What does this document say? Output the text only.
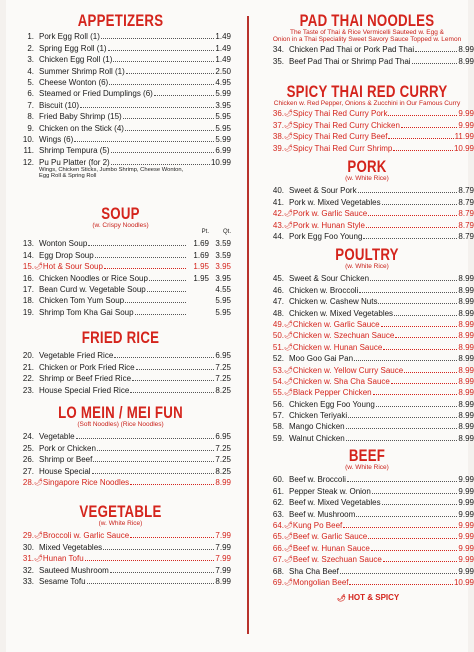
APPETIZERS
1. Pork Egg Roll (1)	1.49
2. Spring Egg Roll (1)	1.49
3. Chicken Egg Roll (1)	1.49
4. Summer Shrimp Roll (1)	2.50
5. Cheese Wonton (6)	4.95
6. Steamed or Fried Dumplings (6)	5.99
7. Biscuit (10)	3.95
8. Fried Baby Shrimp (15)	5.95
9. Chicken on the Stick (4)	5.95
10. Wings (6)	5.99
11. Shrimp Tempura (5)	6.99
12. Pu Pu Platter (for 2)	10.99
Wings, Chicken Sticks, Jumbo Shrimp, Cheese Wonton,
Egg Roll & Spring Roll
SOUP
(w. Crispy Noodles)
Pt.	Qt.
13. Wonton Soup	1.69 3.59
14. Egg Drop Soup	1.69 3.59
15. 🌶 Hot & Sour Soup	1.95 3.95
16. Chicken Noodles or Rice Soup	1.95 3.95
17. Bean Curd w. Vegetable Soup	4.55
18. Chicken Tom Yum Soup	5.95
19. Shrimp Tom Kha Gai Soup	5.95
FRIED RICE
20. Vegetable Fried Rice	6.95
21. Chicken or Pork Fried Rice	7.25
22. Shrimp or Beef Fried Rice	7.25
23. House Special Fried Rice	8.25
LO MEIN / MEI FUN
(Soft Noodles) (Rice Noodles)
24. Vegetable	6.95
25. Pork or Chicken	7.25
26. Shrimp or Beef	7.25
27. House Special	8.25
28. 🌶 Singapore Rice Noodles	8.99
VEGETABLE
(w. White Rice)
29. 🌶 Broccoli w. Garlic Sauce	7.99
30. Mixed Vegetables	7.99
31. 🌶 Hunan Tofu	7.99
32. Sauteed Mushroom	7.99
33. Sesame Tofu	8.99
PAD THAI NOODLES
The Taste of Thai & Rice Vermicelli Sauteed w. Egg &
Onion in a Thai Speciality Sweet Savory Sauce Topped w. Lemon
34. Chicken Pad Thai or Pork Pad Thai	8.99
35. Beef Pad Thai or Shrimp Pad Thai	8.99
SPICY THAI RED CURRY
Chicken w. Red Pepper, Onions & Zucchini in Our Famous Curry
36. 🌶 Spicy Thai Red Curry Pork	9.99
37. 🌶 Spicy Thai Red Curry Chicken	9.99
38. 🌶 Spicy Thai Red Curry Beef	11.99
39. 🌶 Spicy Thai Red Curr Shrimp	10.99
PORK
(w. White Rice)
40. Sweet & Sour Pork	8.79
41. Pork w. Mixed Vegetables	8.79
42. 🌶 Pork w. Garlic Sauce	8.79
43. 🌶 Pork w. Hunan Style	8.79
44. Pork Egg Foo Young	8.79
POULTRY
(w. White Rice)
45. Sweet & Sour Chicken	8.99
46. Chicken w. Broccoli	8.99
47. Chicken w. Cashew Nuts	8.99
48. Chicken w. Mixed Vegetables	8.99
49. 🌶 Chicken w. Garlic Sauce	8.99
50. 🌶 Chicken w. Szechuan Sauce	8.99
51. 🌶 Chicken w. Hunan Sauce	8.99
52. Moo Goo Gai Pan	8.99
53. 🌶 Chicken w. Yellow Curry Sauce	8.99
54. 🌶 Chicken w. Sha Cha Sauce	8.99
55. 🌶 Black Pepper Chicken	8.99
56. Chicken Egg Foo Young	8.99
57. Chicken Teriyaki	8.99
58. Mango Chicken	8.99
59. Walnut Chicken	8.99
BEEF
(w. White Rice)
60. Beef w. Broccoli	9.99
61. Pepper Steak w. Onion	9.99
62. Beef w. Mixed Vegetables	9.99
63. Beef w. Mushroom	9.99
64. 🌶 Kung Po Beef	9.99
65. 🌶 Beef w. Garlic Sauce	9.99
66. 🌶 Beef w. Hunan Sauce	9.99
67. 🌶 Beef w. Szechuan Sauce	9.99
68. Sha Cha Beef	9.99
69. 🌶 Mongolian Beef	10.99
🌶 HOT & SPICY
